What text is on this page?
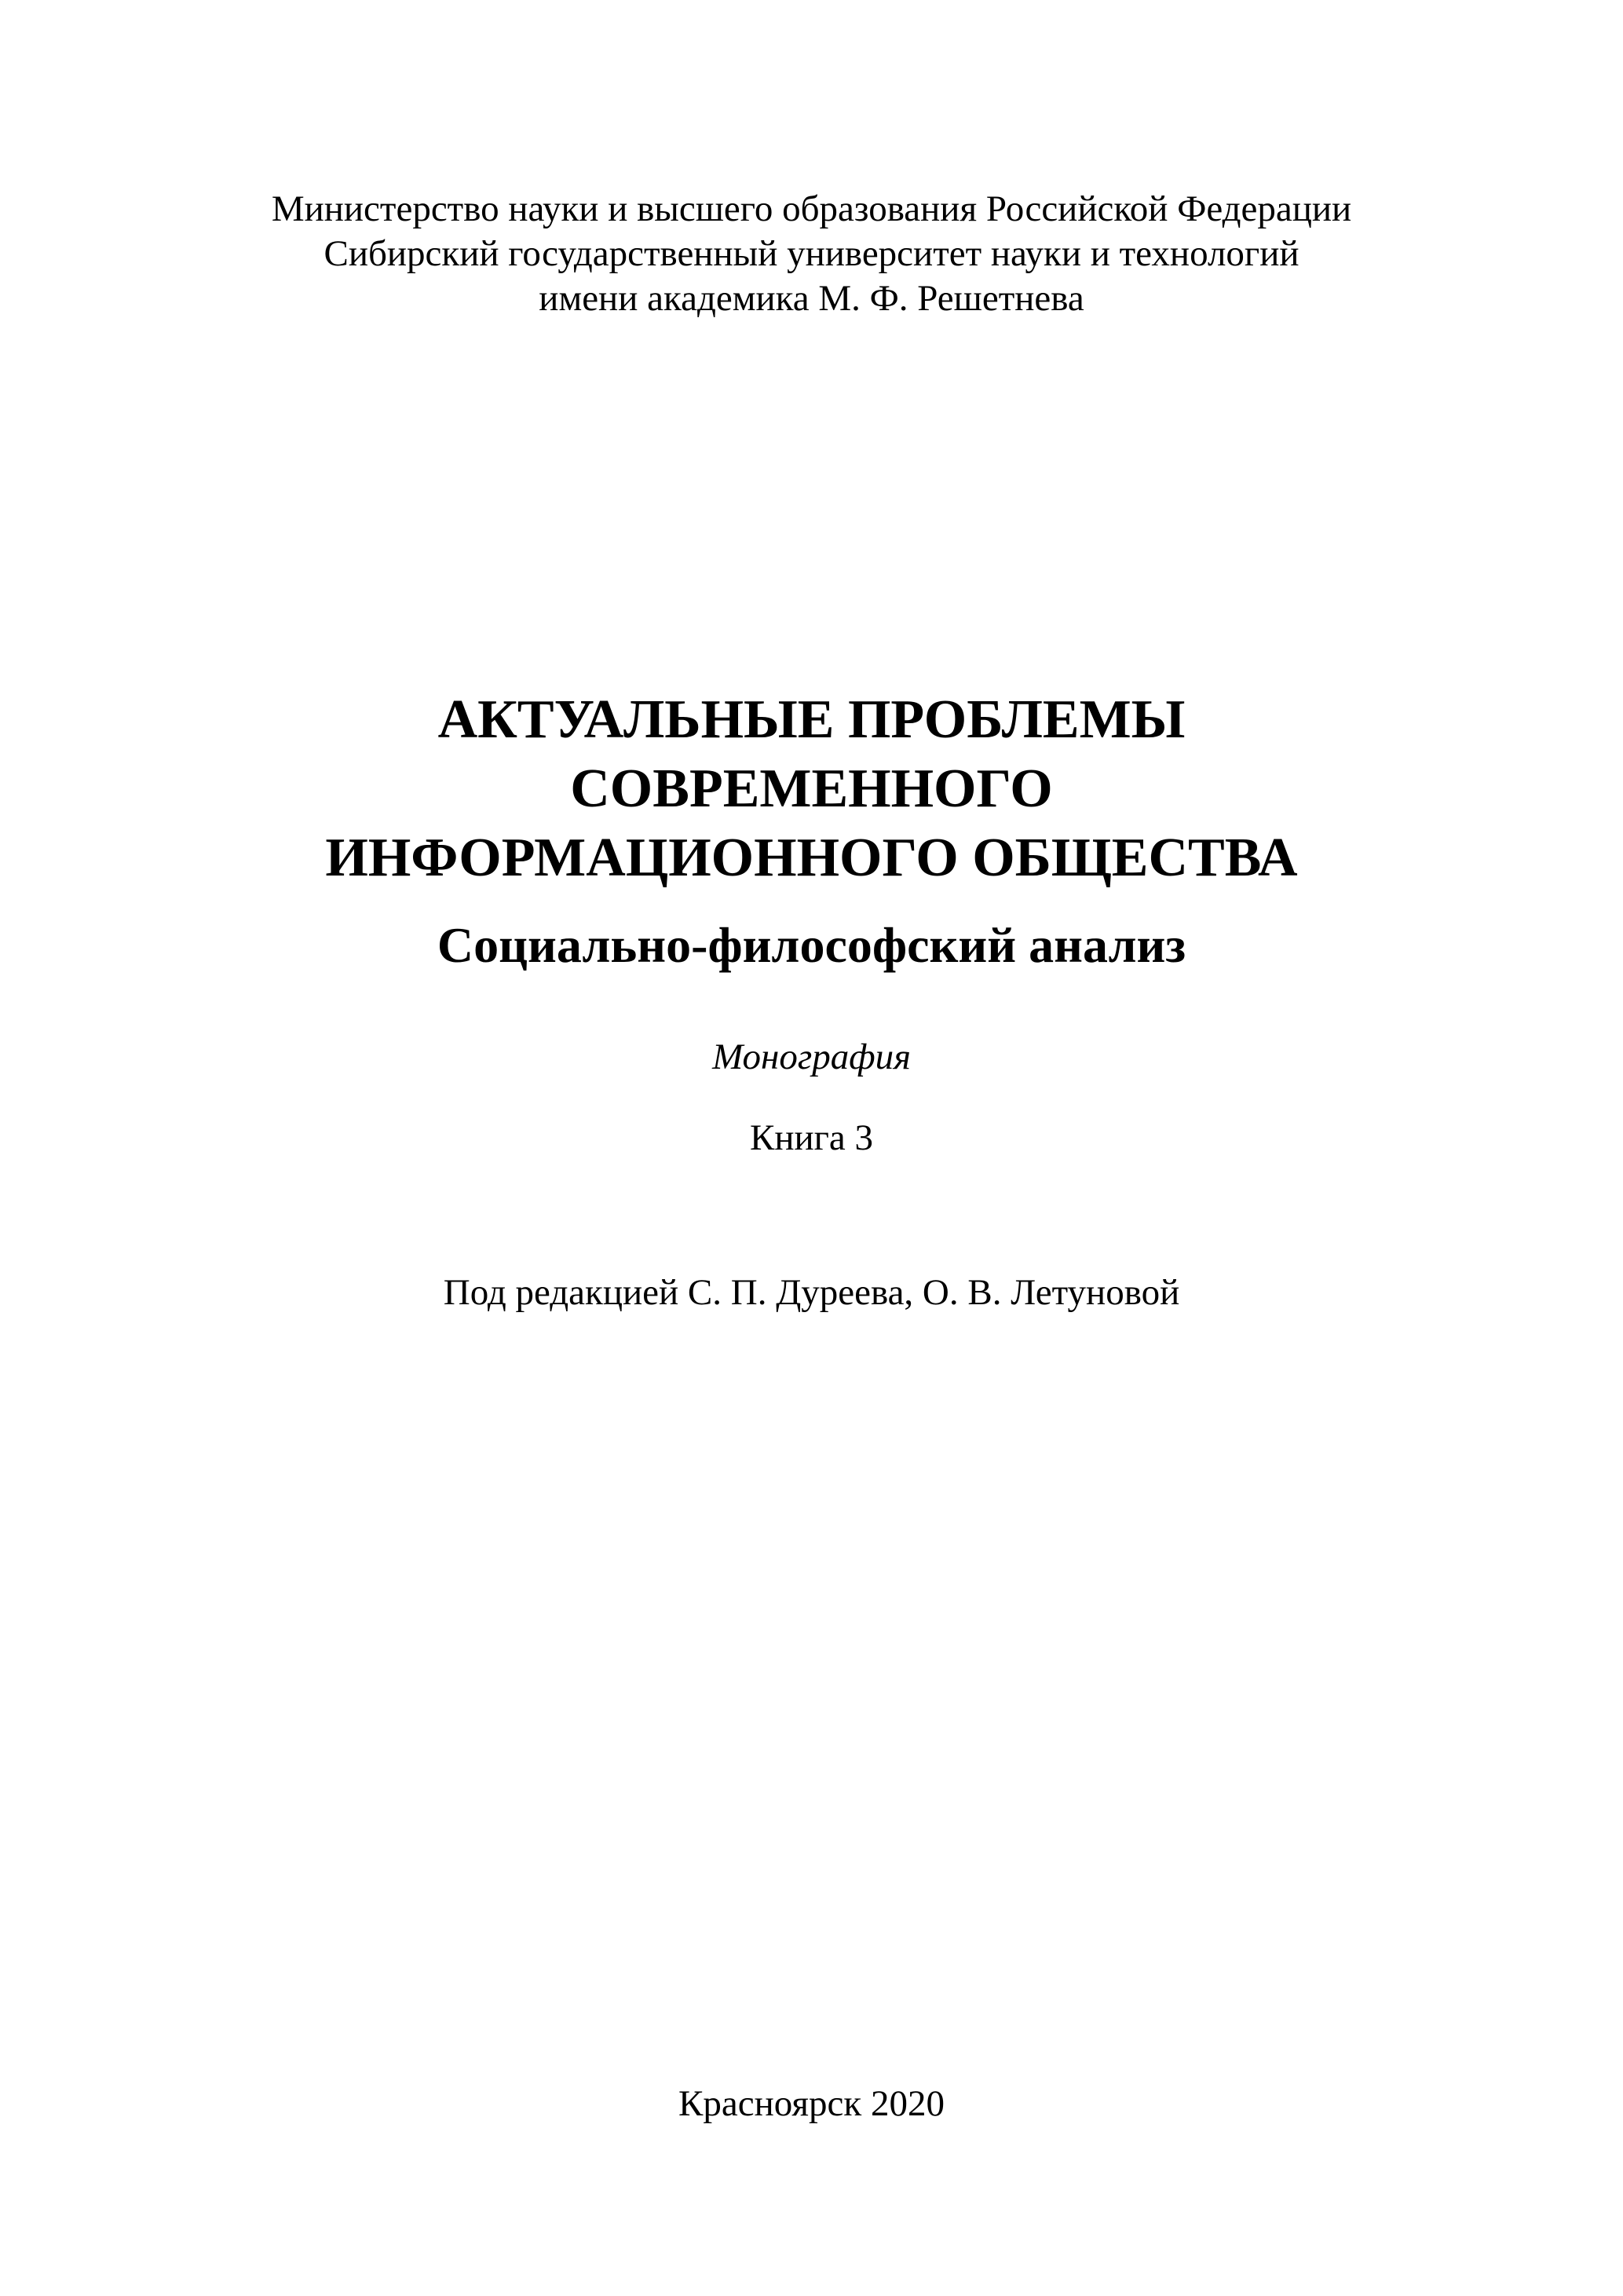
Министерство науки и высшего образования Российской Федерации
Сибирский государственный университет науки и технологий
имени академика М. Ф. Решетнева
АКТУАЛЬНЫЕ ПРОБЛЕМЫ
СОВРЕМЕННОГО
ИНФОРМАЦИОННОГО ОБЩЕСТВА
Социально-философский анализ
Монография
Книга 3
Под редакцией С. П. Дуреева, О. В. Летуновой
Красноярск 2020
